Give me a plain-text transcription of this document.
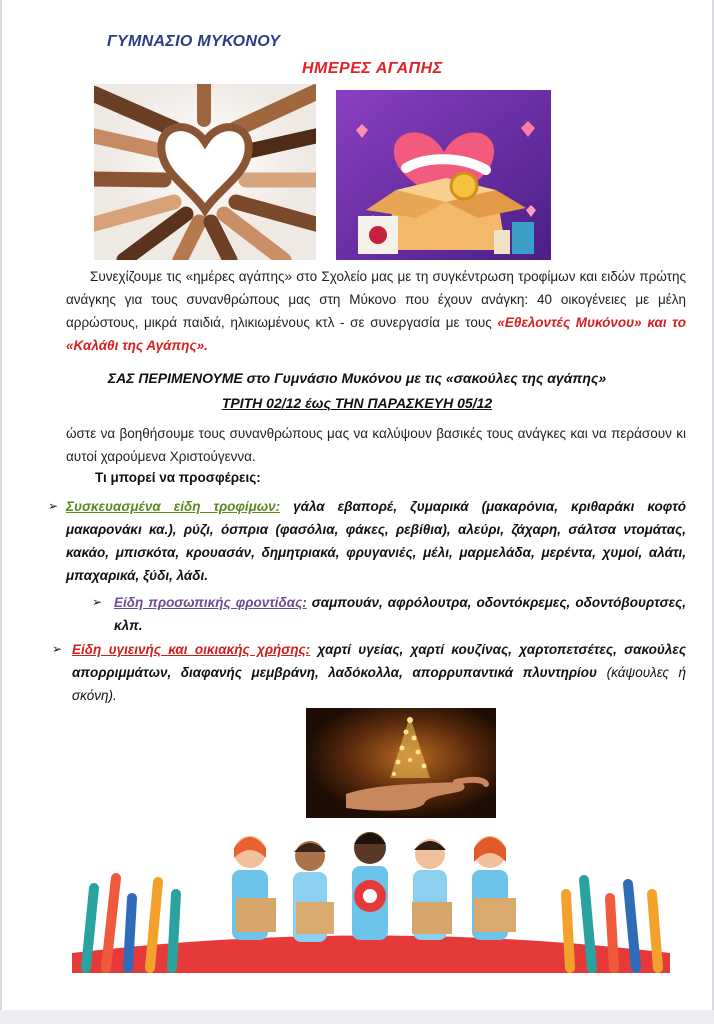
ΓΥΜΝΑΣΙΟ ΜΥΚΟΝΟΥ
ΗΜΕΡΕΣ ΑΓΑΠΗΣ

Συνεχίζουμε τις «ημέρες αγάπης» στο Σχολείο μας με τη συγκέντρωση τροφίμων και ειδών πρώτης ανάγκης για τους συνανθρώπους μας στη Μύκονο που έχουν ανάγκη: 40 οικογένειες με μέλη αρρώστους, μικρά παιδιά, ηλικιωμένους κτλ - σε συνεργασία με τους «Εθελοντές Μυκόνου» και το «Καλάθι της Αγάπης».

ΣΑΣ ΠΕΡΙΜΕΝΟΥΜΕ στο Γυμνάσιο Μυκόνου με τις «σακούλες της αγάπης»
ΤΡΙΤΗ 02/12 έως ΤΗΝ ΠΑΡΑΣΚΕΥΗ 05/12

ώστε να βοηθήσουμε τους συνανθρώπους μας να καλύψουν βασικές τους ανάγκες και να περάσουν κι αυτοί χαρούμενα Χριστούγεννα.

Τι μπορεί να προσφέρεις:
➢ Συσκευασμένα είδη τροφίμων: γάλα εβαπορέ, ζυμαρικά (μακαρόνια, κριθαράκι κοφτό μακαρονάκι κα.), ρύζι, όσπρια (φασόλια, φάκες, ρεβίθια), αλεύρι, ζάχαρη, σάλτσα ντομάτας, κακάο, μπισκότα, κρουασάν, δημητριακά, φρυγανιές, μέλι, μαρμελάδα, μερέντα, χυμοί, αλάτι, μπαχαρικά, ξύδι, λάδι.
➢ Είδη προσωπικής φροντίδας: σαμπουάν, αφρόλουτρα, οδοντόκρεμες, οδοντόβουρτσες, κλπ.
➢ Είδη υγιεινής και οικιακής χρήσης: χαρτί υγείας, χαρτί κουζίνας, χαρτοπετσέτες, σακούλες απορριμμάτων, διαφανής μεμβράνη, λαδόκολλα, απορρυπαντικά πλυντηρίου (κάψουλες ή σκόνη).
